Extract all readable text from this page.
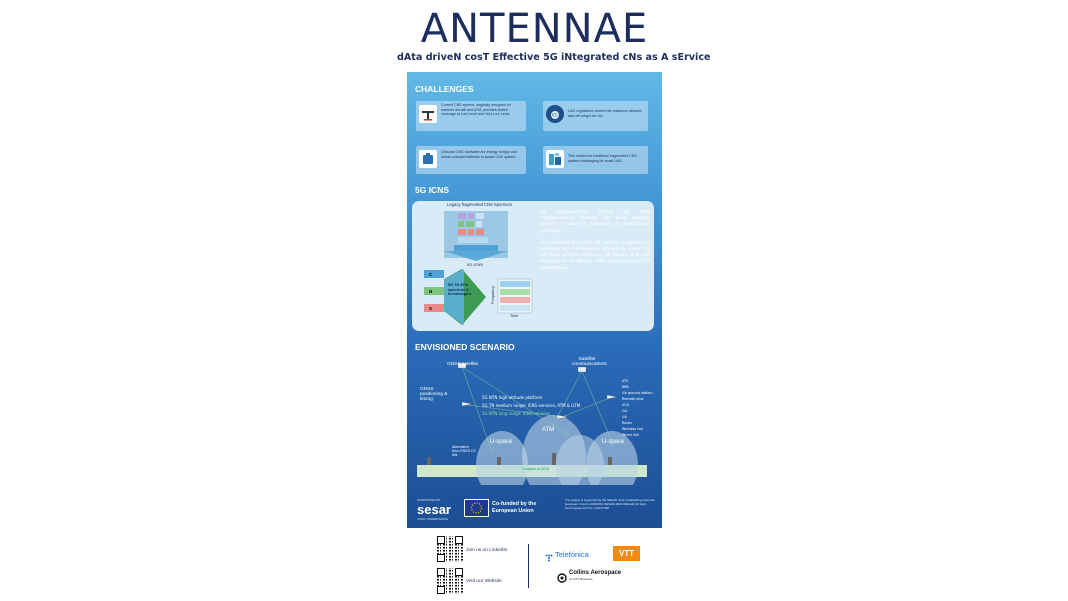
ANTENNAE
dAta driveN cosT Effective 5G iNtegrated cNs as A sErvice
CHALLENGES
Current CNS system, originally designed for manned aircraft and ATM, provides limited coverage at Low Level and Very Low Level.	KG
UAS regulations restrict the maximum allowed take-off weight for UA.
Onboard CNS hardware are energy hungry and needs onboard batteries to power CNS system.	This makes the traditional fragmented CNS system challenging for small UAS.
5G ICNS
Legacy fragmented CNS Spectrum
5G ICNS
C
N
S
5G TN ATM spectrum & technologies	Frequency
Time

5G Integrated-CNS (ICNS) will bring interdependency between the three separate domains to take full advantage of cross-domain synergies.

The ANTENNAE project will consider integration of terrestrial and non-terrestrial networks to deliver the full range of CNS services to all classes of aircraft operating at low altitude, while supporting key ATM stakeholders.

ENVISIONED SCENARIO
5G NTN high-altitude platform
5G TN medium range: ICNS services, ATM & UTM
5G NTN long range: ICNS services
ATS
NPA
UA ground station
Remote pilot
VCA
GA
UA
Radar
Wireless link
Wired link
GNSS satellite
Satellite communications
GNSS positioning & timing
U-space
ATM
U-space
Alternative Non-GNSS C2 link
U-space to ATM
SUPPORTED BY
sesar
JOINT UNDERTAKING
Co-funded by the European Union
The project is supported by the SESAR Joint Undertaking under the European Union's HORIZON-SESAR-2023-DES-ER-02 topic. Grant Agreement No. 101167288.
Join us on LinkedIn
Visit our Website
Telefónica	VTT
Collins Aerospace
An RTX Business
